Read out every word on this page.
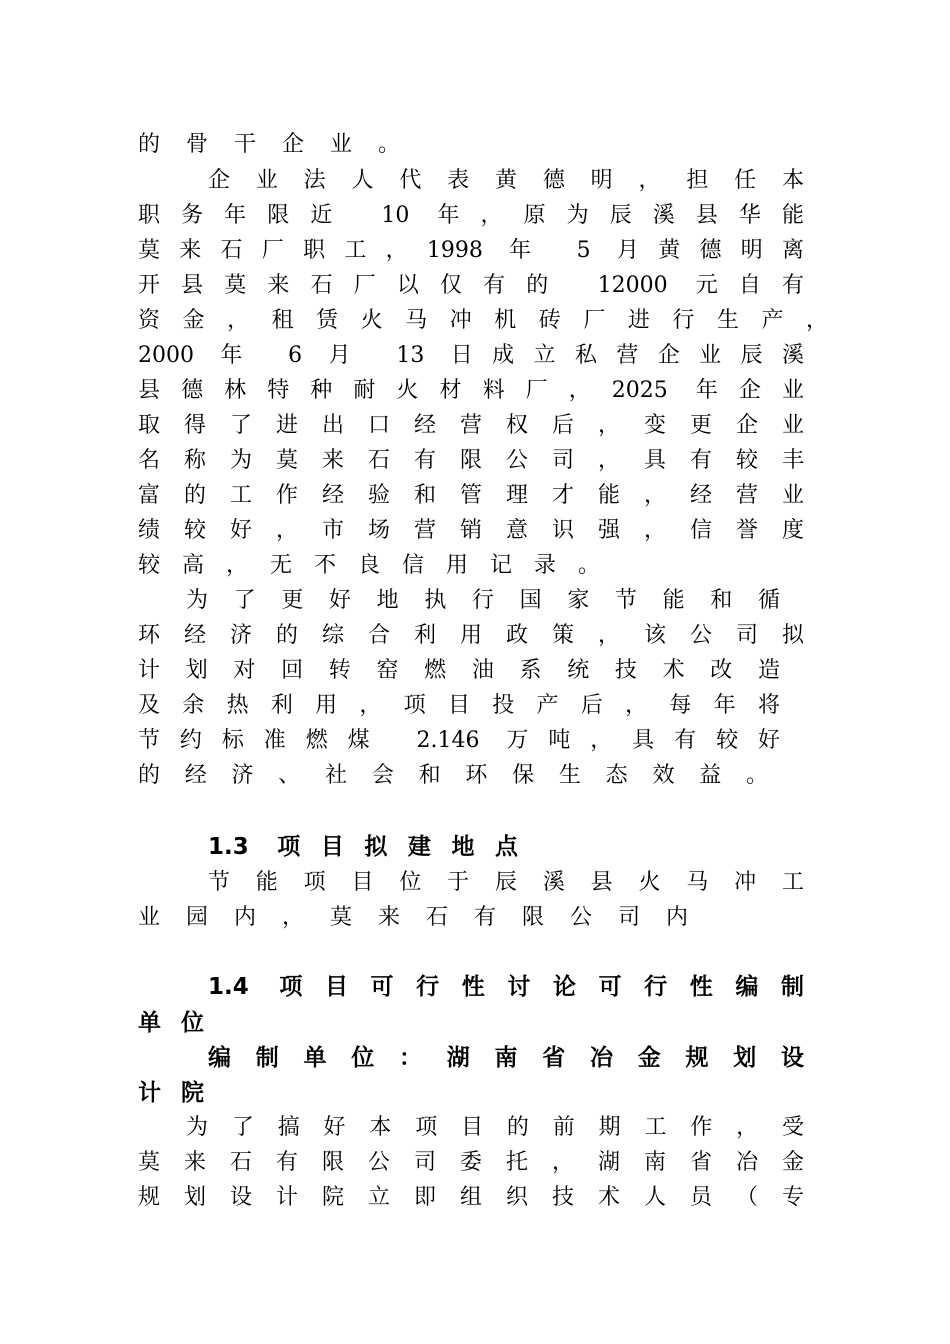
的骨干企业。
企业法人代表黄德明，担任本
职务年限近 10 年，原为辰溪县华能
莫来石厂职工，1998 年 5 月黄德明离
开县莫来石厂以仅有的 12000 元自有
资金，租赁火马冲机砖厂进行生产，
2000 年 6 月 13 日成立私营企业辰溪
县德林特种耐火材料厂，2025 年企业
取得了进出口经营权后，变更企业
名称为莫来石有限公司，具有较丰
富的工作经验和管理才能，经营业
绩较好，市场营销意识强，信誉度
较高，无不良信用记录。
为了更好地执行国家节能和循
环经济的综合利用政策，该公司拟
计划对回转窑燃油系统技术改造
及余热利用，项目投产后，每年将
节约标准燃煤 2.146 万吨，具有较好
的经济、社会和环保生态效益。
1.3 项目拟建地点
节能项目位于辰溪县火马冲工
业园内，莫来石有限公司内
1.4 项目可行性讨论可行性编制
单位
编制单位：湖南省冶金规划设
计院
为了搞好本项目的前期工作，受
莫来石有限公司委托，湖南省冶金
规划设计院立即组织技术人员（专
